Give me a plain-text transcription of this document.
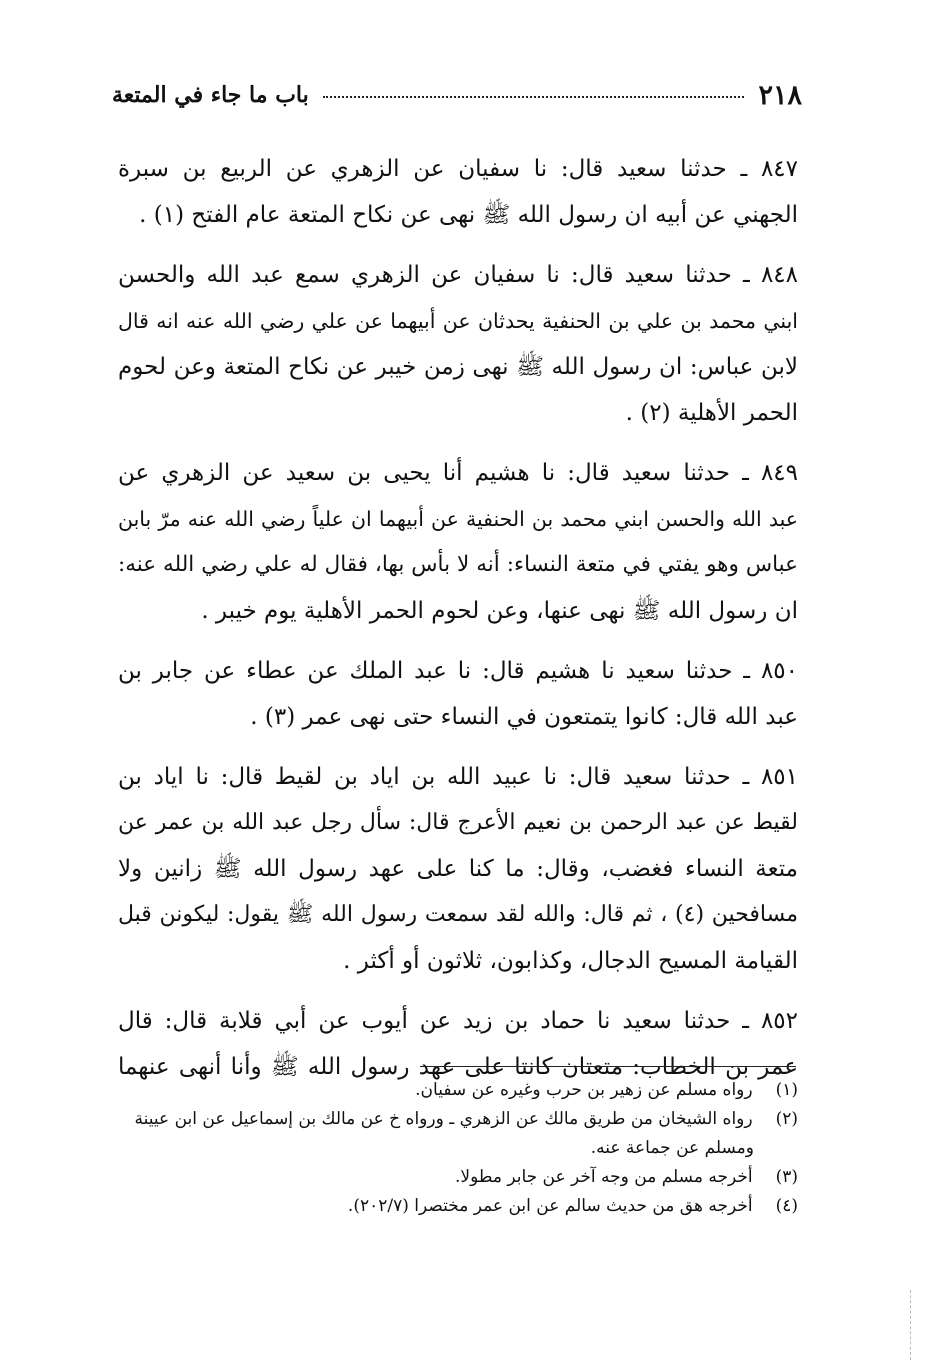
٢١٨
باب ما جاء في المتعة
٨٤٧ ـ حدثنا سعيد قال: نا سفيان عن الزهري عن الربيع بن سبرة
الجهني عن أبيه ان رسول الله ﷺ نهى عن نكاح المتعة عام الفتح (١) .
٨٤٨ ـ حدثنا سعيد قال: نا سفيان عن الزهري سمع عبد الله والحسن
ابني محمد بن علي بن الحنفية يحدثان عن أبيهما عن علي رضي الله عنه انه قال
لابن عباس: ان رسول الله ﷺ نهى زمن خيبر عن نكاح المتعة وعن لحوم
الحمر الأهلية (٢) .
٨٤٩ ـ حدثنا سعيد قال: نا هشيم أنا يحيى بن سعيد عن الزهري عن
عبد الله والحسن ابني محمد بن الحنفية عن أبيهما ان علياً رضي الله عنه مرّ بابن
عباس وهو يفتي في متعة النساء: أنه لا بأس بها، فقال له علي رضي الله عنه:
ان رسول الله ﷺ نهى عنها، وعن لحوم الحمر الأهلية يوم خيبر .
٨٥٠ ـ حدثنا سعيد نا هشيم قال: نا عبد الملك عن عطاء عن جابر بن
عبد الله قال: كانوا يتمتعون في النساء حتى نهى عمر (٣) .
٨٥١ ـ حدثنا سعيد قال: نا عبيد الله بن اياد بن لقيط قال: نا اياد بن
لقيط عن عبد الرحمن بن نعيم الأعرج قال: سأل رجل عبد الله بن عمر عن
متعة النساء فغضب، وقال: ما كنا على عهد رسول الله ﷺ زانين ولا
مسافحين (٤) ، ثم قال: والله لقد سمعت رسول الله ﷺ يقول: ليكونن قبل
القيامة المسيح الدجال، وكذابون، ثلاثون أو أكثر .
٨٥٢ ـ حدثنا سعيد نا حماد بن زيد عن أيوب عن أبي قلابة قال: قال
عمر بن الخطاب: متعتان كانتا على عهد رسول الله ﷺ وأنا أنهى عنهما
(١) رواه مسلم عن زهير بن حرب وغيره عن سفيان.
(٢) رواه الشيخان من طريق مالك عن الزهري ـ ورواه خ عن مالك بن إسماعيل عن ابن عيينة
ومسلم عن جماعة عنه.
(٣) أخرجه مسلم من وجه آخر عن جابر مطولا.
(٤) أخرجه هق من حديث سالم عن ابن عمر مختصرا (٢٠٢/٧).
